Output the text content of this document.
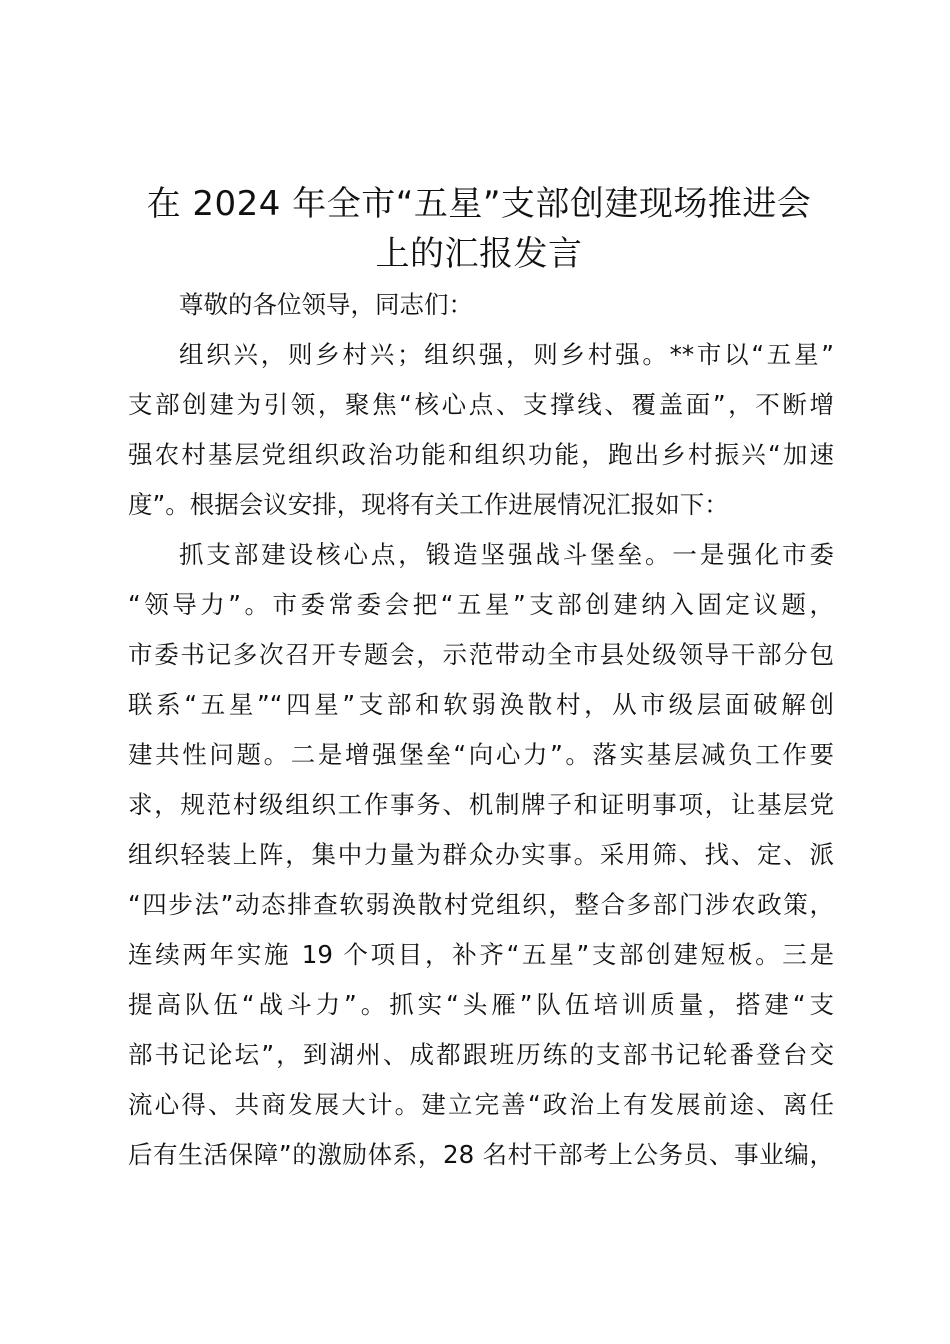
在 2024 年全市“五星”支部创建现场推进会
上的汇报发言
尊敬的各位领导，同志们：
组织兴，则乡村兴；组织强，则乡村强。**市以“五星”
支部创建为引领，聚焦“核心点、支撑线、覆盖面”，不断增
强农村基层党组织政治功能和组织功能，跑出乡村振兴“加速
度”。根据会议安排，现将有关工作进展情况汇报如下：
抓支部建设核心点，锻造坚强战斗堡垒。一是强化市委
“领导力”。市委常委会把“五星”支部创建纳入固定议题，
市委书记多次召开专题会，示范带动全市县处级领导干部分包
联系“五星”“四星”支部和软弱涣散村，从市级层面破解创
建共性问题。二是增强堡垒“向心力”。落实基层减负工作要
求，规范村级组织工作事务、机制牌子和证明事项，让基层党
组织轻装上阵，集中力量为群众办实事。采用筛、找、定、派
“四步法”动态排查软弱涣散村党组织，整合多部门涉农政策，
连续两年实施 19 个项目，补齐“五星”支部创建短板。三是
提高队伍“战斗力”。抓实“头雁”队伍培训质量，搭建“支
部书记论坛”，到湖州、成都跟班历练的支部书记轮番登台交
流心得、共商发展大计。建立完善“政治上有发展前途、离任
后有生活保障”的激励体系，28 名村干部考上公务员、事业编，
